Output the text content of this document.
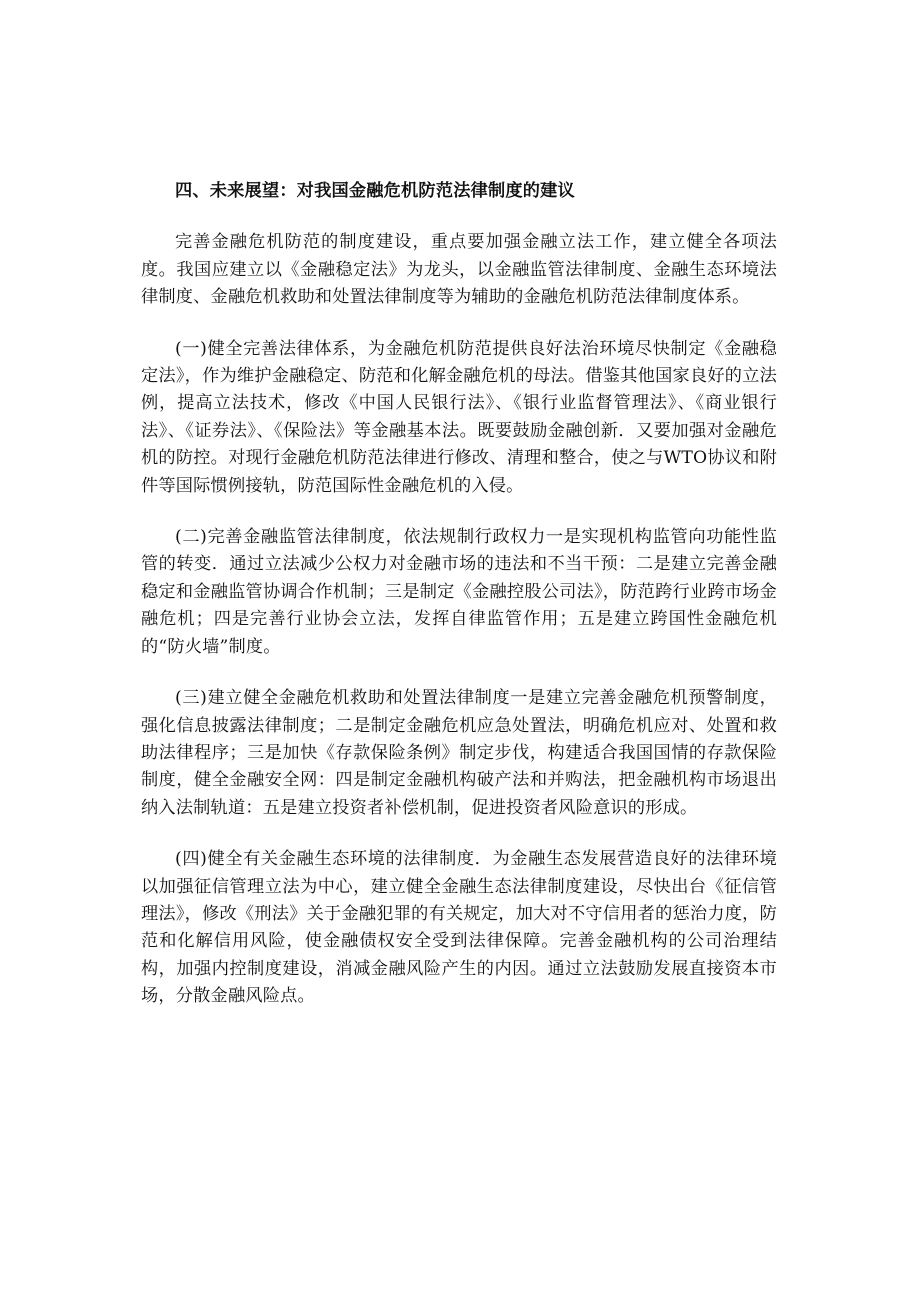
四、未来展望：对我国金融危机防范法律制度的建议

完善金融危机防范的制度建设，重点要加强金融立法工作，建立健全各项法度。我国应建立以《金融稳定法》为龙头，以金融监管法律制度、金融生态环境法律制度、金融危机救助和处置法律制度等为辅助的金融危机防范法律制度体系。

(一)健全完善法律体系，为金融危机防范提供良好法治环境尽快制定《金融稳定法》，作为维护金融稳定、防范和化解金融危机的母法。借鉴其他国家良好的立法例，提高立法技术，修改《中国人民银行法》、《银行业监督管理法》、《商业银行法》、《证券法》、《保险法》等金融基本法。既要鼓励金融创新．又要加强对金融危机的防控。对现行金融危机防范法律进行修改、清理和整合，使之与WTO协议和附件等国际惯例接轨，防范国际性金融危机的入侵。

(二)完善金融监管法律制度，依法规制行政权力一是实现机构监管向功能性监管的转变．通过立法减少公权力对金融市场的违法和不当干预：二是建立完善金融稳定和金融监管协调合作机制；三是制定《金融控股公司法》，防范跨行业跨市场金融危机；四是完善行业协会立法，发挥自律监管作用；五是建立跨国性金融危机的“防火墙”制度。

(三)建立健全金融危机救助和处置法律制度一是建立完善金融危机预警制度，强化信息披露法律制度；二是制定金融危机应急处置法，明确危机应对、处置和救助法律程序；三是加快《存款保险条例》制定步伐，构建适合我国国情的存款保险制度，健全金融安全网：四是制定金融机构破产法和并购法，把金融机构市场退出纳入法制轨道：五是建立投资者补偿机制，促进投资者风险意识的形成。

(四)健全有关金融生态环境的法律制度．为金融生态发展营造良好的法律环境以加强征信管理立法为中心，建立健全金融生态法律制度建设，尽快出台《征信管理法》，修改《刑法》关于金融犯罪的有关规定，加大对不守信用者的惩治力度，防范和化解信用风险，使金融债权安全受到法律保障。完善金融机构的公司治理结构，加强内控制度建设，消减金融风险产生的内因。通过立法鼓励发展直接资本市场，分散金融风险点。
